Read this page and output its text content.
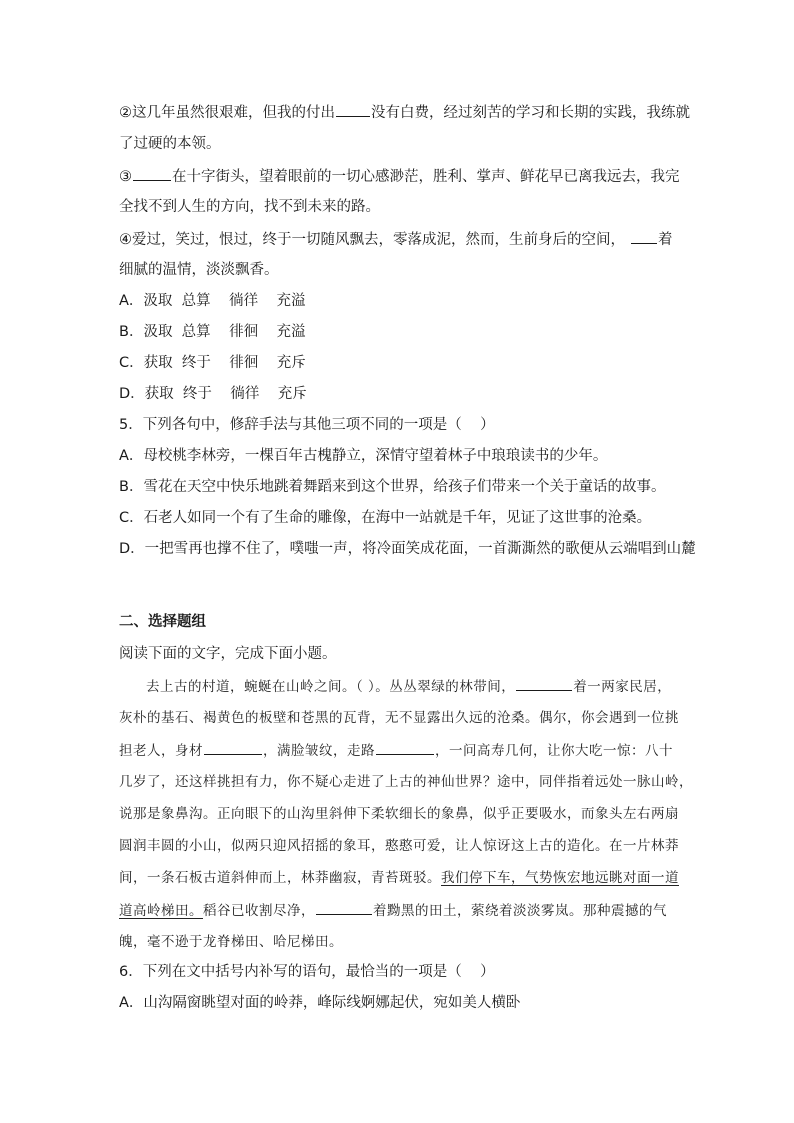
②这几年虽然很艰难，但我的付出 没有白费，经过刻苦的学习和长期的实践，我练就
了过硬的本领。
③	在十字街头，望着眼前的一切心感渺茫，胜利、掌声、鲜花早已离我远去，我完
全找不到人生的方向，找不到未来的路。
④爱过，笑过，恨过，终于一切随风飘去，零落成泥，然而，生前身后的空间， 着
细腻的温情，淡淡飘香。
A．汲取  总算    徜徉    充溢
B．汲取  总算    徘徊    充溢
C．获取  终于    徘徊    充斥
D．获取  终于    徜徉    充斥
5．下列各句中，修辞手法与其他三项不同的一项是（    ）
A．母校桃李林旁，一棵百年古槐静立，深情守望着林子中琅琅读书的少年。
B．雪花在天空中快乐地跳着舞蹈来到这个世界，给孩子们带来一个关于童话的故事。
C．石老人如同一个有了生命的雕像，在海中一站就是千年，见证了这世事的沧桑。
D．一把雪再也撑不住了，噗嗤一声，将冷面笑成花面，一首澌澌然的歌便从云端唱到山麓
二、选择题组
阅读下面的文字，完成下面小题。
去上古的村道，蜿蜒在山岭之间。（ ）。丛丛翠绿的林带间，	着一两家民居，
灰朴的基石、褐黄色的板壁和苍黑的瓦背，无不显露出久远的沧桑。偶尔，你会遇到一位挑
担老人，身材	，满脸皱纹，走路	，一问高寿几何，让你大吃一惊：八十
几岁了，还这样挑担有力，你不疑心走进了上古的神仙世界？途中，同伴指着远处一脉山岭，
说那是象鼻沟。正向眼下的山沟里斜伸下柔软细长的象鼻，似乎正要吸水，而象头左右两扇
圆润丰圆的小山，似两只迎风招摇的象耳，憨憨可爱，让人惊讶这上古的造化。在一片林莽
间，一条石板古道斜伸而上，林莽幽寂，青苔斑驳。我们停下车，气势恢宏地远眺对面一道
道高岭梯田。稻谷已收割尽净，	着黝黑的田土，萦绕着淡淡雾岚。那种震撼的气
魄，毫不逊于龙脊梯田、哈尼梯田。
6．下列在文中括号内补写的语句，最恰当的一项是（    ）
A．山沟隔窗眺望对面的岭莽，峰际线婀娜起伏，宛如美人横卧
